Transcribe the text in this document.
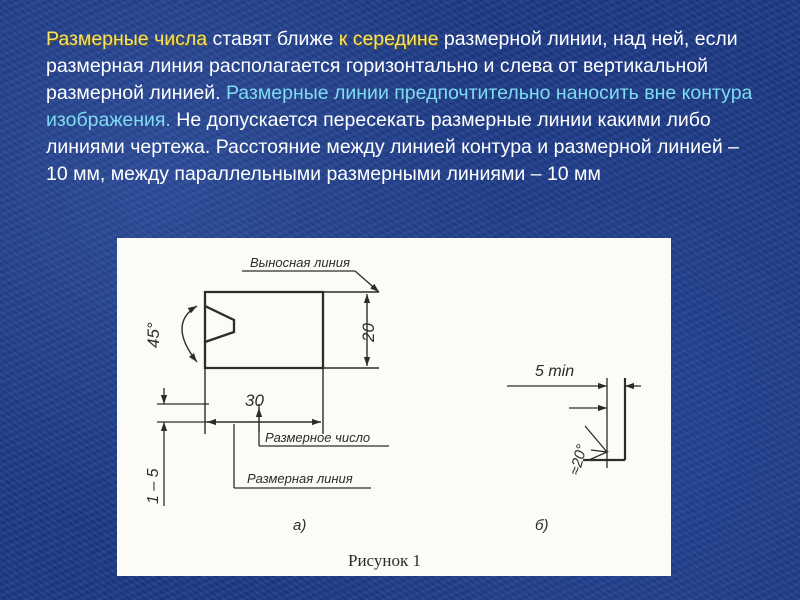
Размерные числа ставят ближе к середине размерной линии, над ней, если размерная линия располагается горизонтально и слева от вертикальной размерной линией. Размерные линии предпочтительно наносить вне контура изображения. Не допускается пересекать размерные линии какими либо линиями чертежа. Расстояние между линией контура и размерной линией – 10 мм, между параллельными размерными линиями – 10 мм

20
Выносная линия
45°
30
Размерное число
Размерная линия
1 – 5
а)	б)
5 min
≈20°
Рисунок 1
